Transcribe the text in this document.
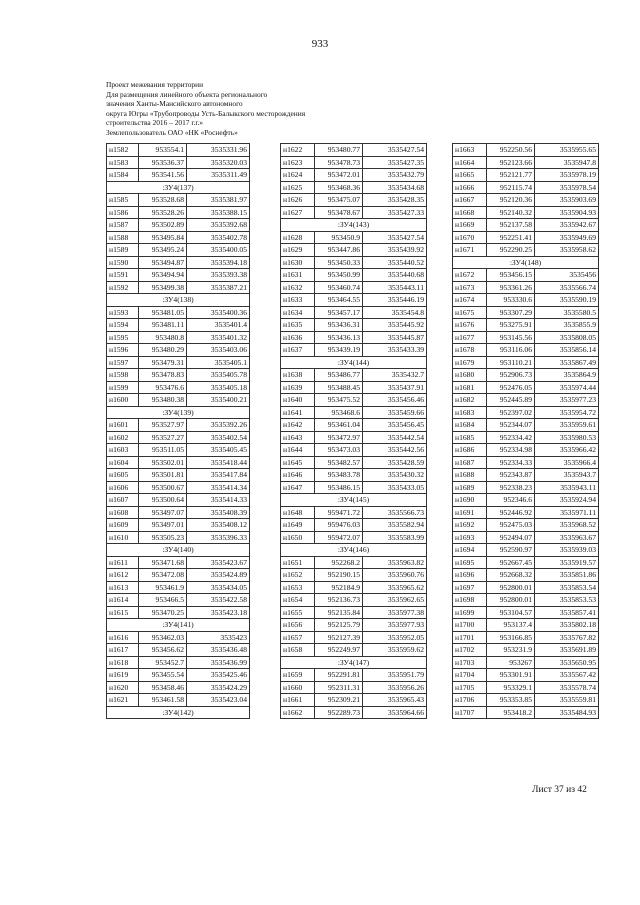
933
Проект межевания территории
Для размещения линейного объекта регионального
значения Ханты-Мансийского автономного
округа Югры «Трубопроводы Усть-Балыкского месторождения
строительства 2016 – 2017 г.г.»
Землепользователь ОАО «НК «Роснефть»
н1582	953554.1	3535331.96
н1583	953536.37	3535320.03
н1584	953541.56	3535311.49
:ЗУ4(137)		
н1585	953528.68	3535381.97
н1586	953528.26	3535388.15
н1587	953502.89	3535392.68
н1588	953495.84	3535402.78
н1589	953495.24	3535400.05
н1590	953494.87	3535394.18
н1591	953494.94	3535393.38
н1592	953499.38	3535387.21
:ЗУ4(138)		
н1593	953481.05	3535400.36
н1594	953481.11	3535401.4
н1595	953480.8	3535401.32
н1596	953480.29	3535403.06
н1597	953479.31	3535405.1
н1598	953478.83	3535405.78
н1599	953476.6	3535405.18
н1600	953480.38	3535400.21
:ЗУ4(139)		
н1601	953527.97	3535392.26
н1602	953527.27	3535402.54
н1603	953511.05	3535405.45
н1604	953502.01	3535418.44
н1605	953501.81	3535417.84
н1606	953500.67	3535414.34
н1607	953500.64	3535414.33
н1608	953497.07	3535408.39
н1609	953497.01	3535408.12
н1610	953505.23	3535396.33
:ЗУ4(140)		
н1611	953471.68	3535423.67
н1612	953472.08	3535424.89
н1613	953461.9	3535434.05
н1614	953466.5	3535422.58
н1615	953470.25	3535423.18
:ЗУ4(141)		
н1616	953462.03	3535423
н1617	953456.62	3535436.48
н1618	953452.7	3535436.99
н1619	953455.54	3535425.46
н1620	953458.46	3535424.29
н1621	953461.58	3535423.04
:ЗУ4(142)		
н1622	953480.77	3535427.54
н1623	953478.73	3535427.35
н1624	953472.01	3535432.79
н1625	953468.36	3535434.68
н1626	953475.07	3535428.35
н1627	953478.67	3535427.33
:ЗУ4(143)		
н1628	953450.9	3535427.54
н1629	953447.86	3535439.92
н1630	953450.33	3535440.52
н1631	953450.99	3535440.68
н1632	953460.74	3535443.11
н1633	953464.55	3535446.19
н1634	953457.17	3535454.8
н1635	953436.31	3535445.92
н1636	953436.13	3535445.87
н1637	953439.19	3535433.39
:ЗУ4(144)		
н1638	953486.77	3535432.7
н1639	953488.45	3535437.91
н1640	953475.52	3535456.46
н1641	953468.6	3535459.66
н1642	953461.04	3535456.45
н1643	953472.97	3535442.54
н1644	953473.03	3535442.56
н1645	953482.57	3535428.59
н1646	953483.78	3535430.32
н1647	953486.15	3535433.05
:ЗУ4(145)		
н1648	959471.72	3535566.73
н1649	959476.03	3535582.94
н1650	959472.07	3535583.99
:ЗУ4(146)		
н1651	952268.2	3535963.82
н1652	952190.15	3535960.76
н1653	952184.9	3535965.62
н1654	952136.73	3535962.65
н1655	952135.84	3535977.38
н1656	952125.79	3535977.93
н1657	952127.39	3535952.05
н1658	952249.97	3535959.62
:ЗУ4(147)		
н1659	952291.81	3535951.79
н1660	952311.31	3535956.26
н1661	952309.21	3535965.43
н1662	952289.73	3535964.66
н1663	952250.56	3535955.65
н1664	952123.66	3535947.8
н1665	952121.77	3535978.19
н1666	952115.74	3535978.54
н1667	952120.36	3535903.69
н1668	952140.32	3535904.93
н1669	952137.58	3535942.67
н1670	952251.41	3535949.69
н1671	952290.25	3535958.62
:ЗУ4(148)		
н1672	953456.15	3535456
н1673	953361.26	3535566.74
н1674	953330.6	3535590.19
н1675	953307.29	3535580.5
н1676	953275.91	3535855.9
н1677	953145.56	3535808.05
н1678	953116.06	3535856.14
н1679	953110.21	3535867.49
н1680	952906.73	3535864.9
н1681	952476.05	3535974.44
н1682	952445.89	3535977.23
н1683	952397.02	3535954.72
н1684	952344.07	3535959.61
н1685	952334.42	3535980.53
н1686	952334.98	3535966.42
н1687	952334.33	3535966.4
н1688	952343.87	3535943.7
н1689	952338.23	3535943.11
н1690	952346.6	3535924.94
н1691	952446.92	3535971.11
н1692	952475.03	3535968.52
н1693	952494.07	3535963.67
н1694	952590.97	3535939.03
н1695	952667.45	3535919.57
н1696	952668.32	3535851.86
н1697	952800.01	3535853.54
н1698	952800.01	3535853.53
н1699	953104.57	3535857.41
н1700	953137.4	3535802.18
н1701	953166.85	3535767.82
н1702	953231.9	3535691.89
н1703	953267	3535650.95
н1704	953301.91	3535567.42
н1705	953329.1	3535578.74
н1706	953353.85	3535559.81
н1707	953418.2	3535484.93
Лист 37 из 42
